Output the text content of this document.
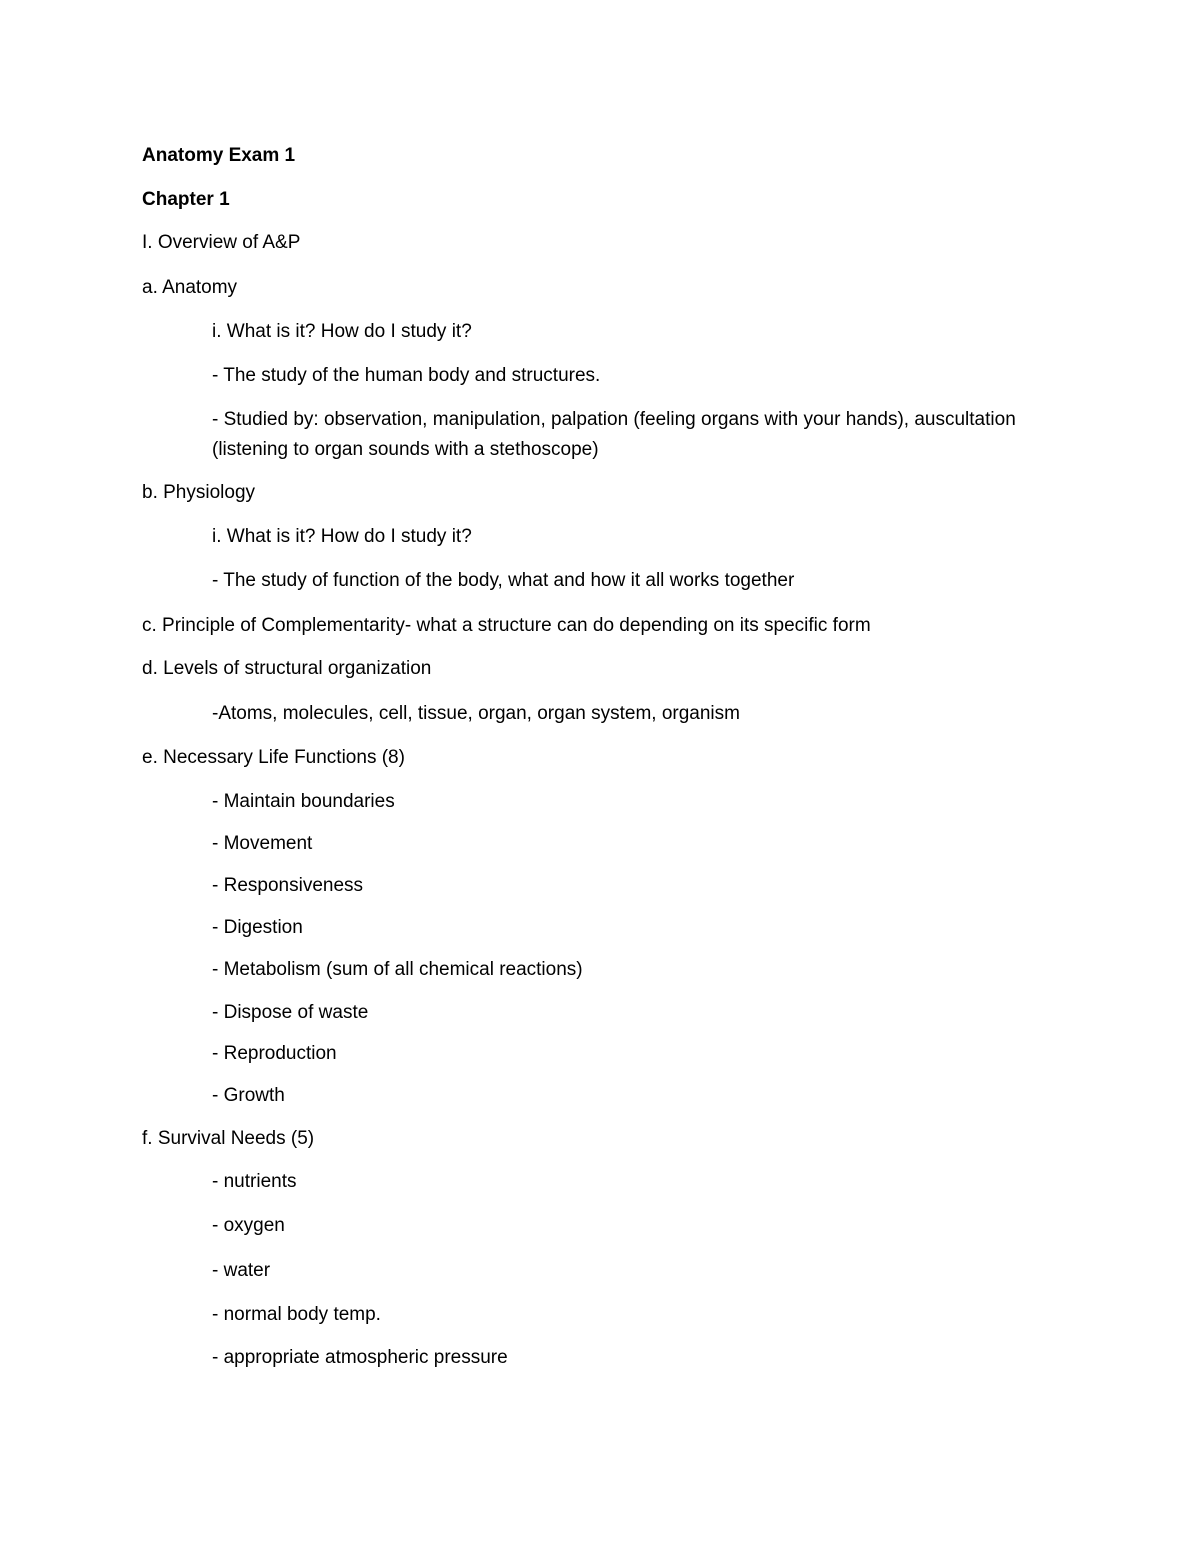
Anatomy Exam 1
Chapter 1
I. Overview of A&P
a. Anatomy
i. What is it? How do I study it?
- The study of the human body and structures.
- Studied by: observation, manipulation, palpation (feeling organs with your hands), auscultation (listening to organ sounds with a stethoscope)
b. Physiology
i. What is it? How do I study it?
- The study of function of the body, what and how it all works together
c. Principle of Complementarity- what a structure can do depending on its specific form
d. Levels of structural organization
-Atoms, molecules, cell, tissue, organ, organ system, organism
e. Necessary Life Functions (8)
- Maintain boundaries
- Movement
- Responsiveness
- Digestion
- Metabolism (sum of all chemical reactions)
- Dispose of waste
- Reproduction
- Growth
f. Survival Needs (5)
- nutrients
- oxygen
- water
- normal body temp.
- appropriate atmospheric pressure
